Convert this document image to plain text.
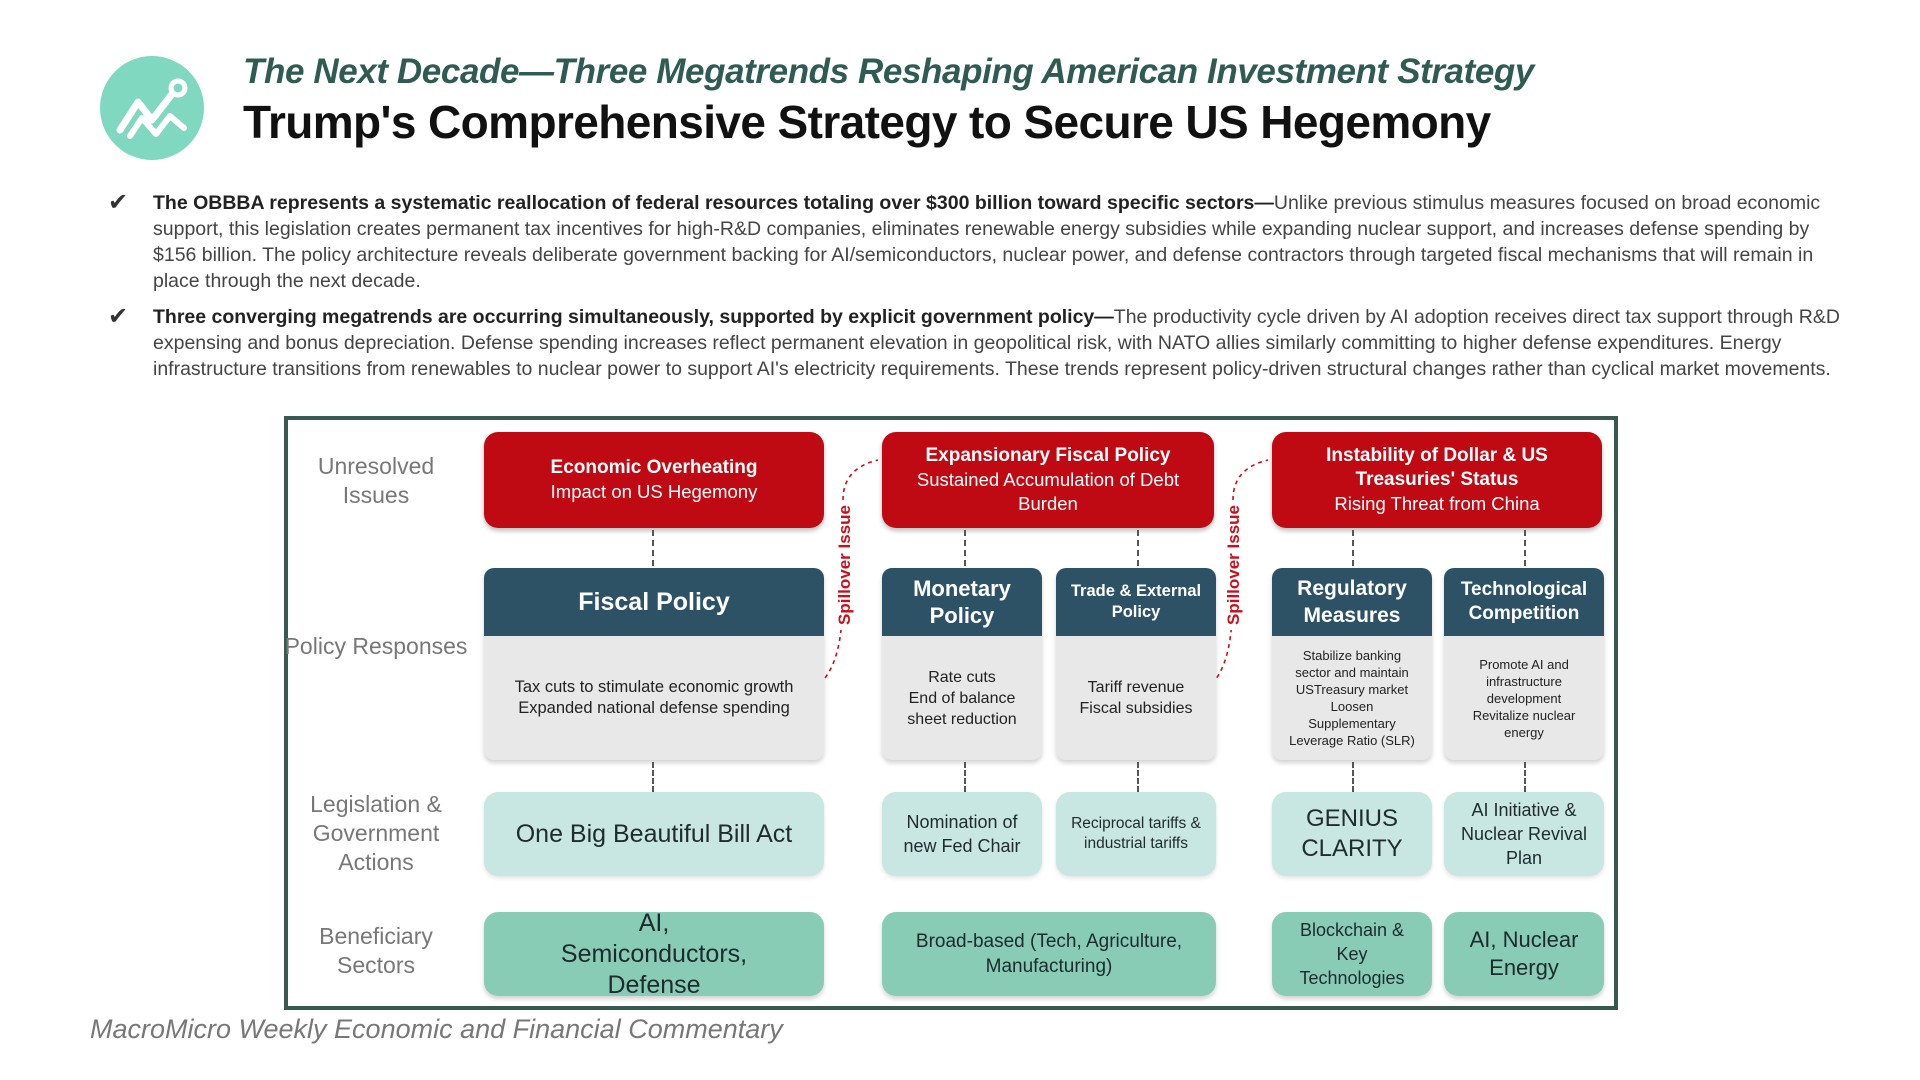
The Next Decade—Three Megatrends Reshaping American Investment Strategy
Trump's Comprehensive Strategy to Secure US Hegemony
✔ The OBBBA represents a systematic reallocation of federal resources totaling over $300 billion toward specific sectors—Unlike previous stimulus measures focused on broad economic support, this legislation creates permanent tax incentives for high-R&D companies, eliminates renewable energy subsidies while expanding nuclear support, and increases defense spending by $156 billion. The policy architecture reveals deliberate government backing for AI/semiconductors, nuclear power, and defense contractors through targeted fiscal mechanisms that will remain in place through the next decade.
✔ Three converging megatrends are occurring simultaneously, supported by explicit government policy—The productivity cycle driven by AI adoption receives direct tax support through R&D expensing and bonus depreciation. Defense spending increases reflect permanent elevation in geopolitical risk, with NATO allies similarly committing to higher defense expenditures. Energy infrastructure transitions from renewables to nuclear power to support AI's electricity requirements. These trends represent policy-driven structural changes rather than cyclical market movements.
Unresolved Issues
Policy Responses
Legislation & Government Actions
Beneficiary Sectors
Economic Overheating
Impact on US Hegemony
Expansionary Fiscal Policy
Sustained Accumulation of Debt Burden
Instability of Dollar & US Treasuries' Status
Rising Threat from China
Spillover Issue	Spillover Issue
Fiscal Policy
Tax cuts to stimulate economic growth
Expanded national defense spending
Monetary Policy
Rate cuts
End of balance sheet reduction
Trade & External Policy
Tariff revenue
Fiscal subsidies
Regulatory Measures
Stabilize banking sector and maintain USTreasury market
Loosen Supplementary Leverage Ratio (SLR)
Technological Competition
Promote AI and infrastructure development
Revitalize nuclear energy
One Big Beautiful Bill Act	Nomination of new Fed Chair
Reciprocal tariffs & industrial tariffs
GENIUS CLARITY
AI Initiative & Nuclear Revival Plan
AI, Semiconductors, Defense
Broad-based (Tech, Agriculture, Manufacturing)
Blockchain & Key Technologies
AI, Nuclear Energy
MacroMicro Weekly Economic and Financial Commentary
